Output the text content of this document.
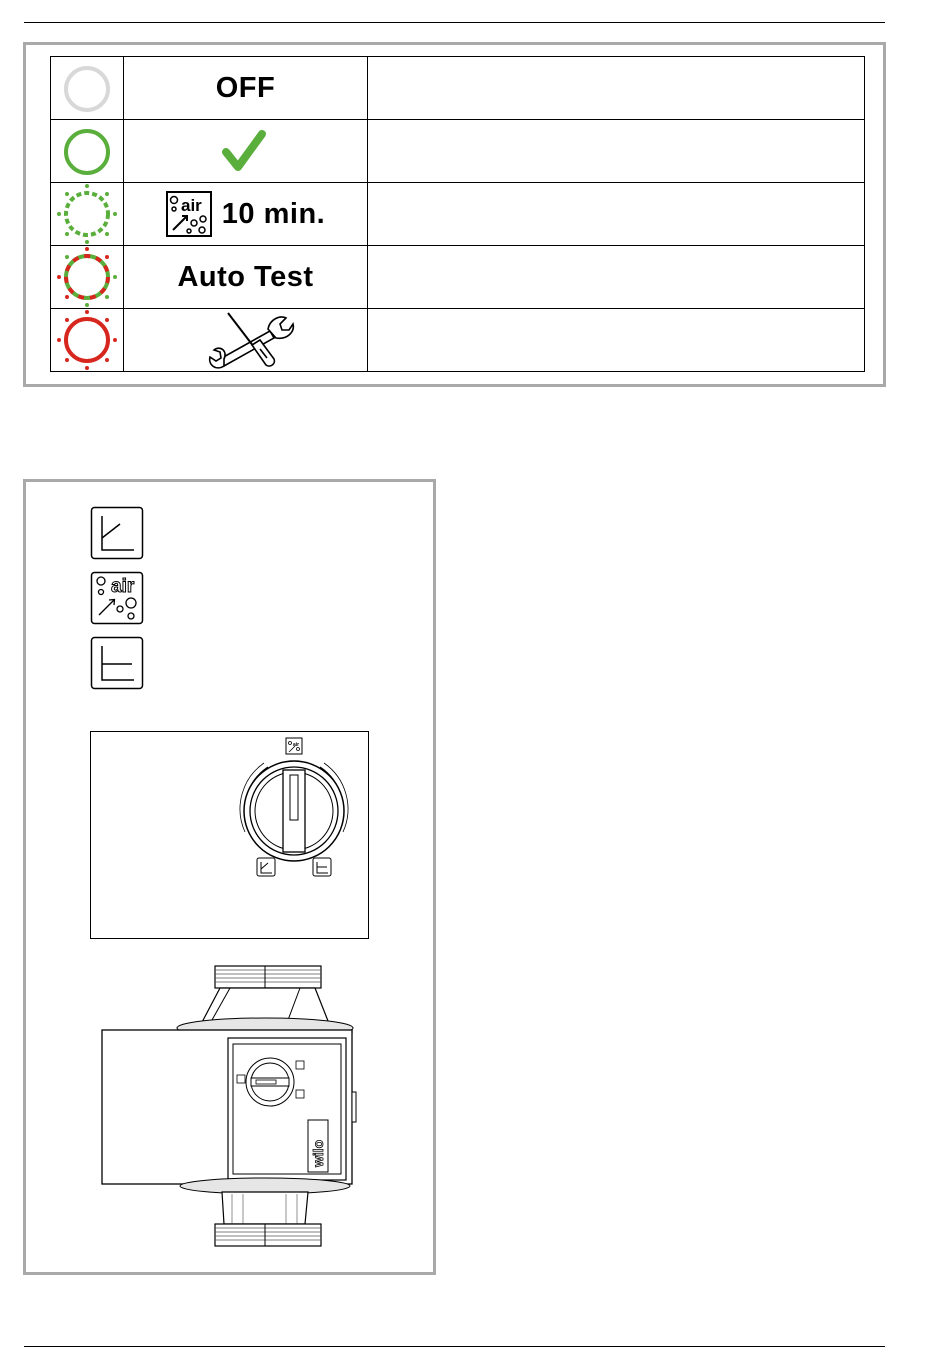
	OFF	

air 10 min.	

	Auto Test	

air
air
wilo
